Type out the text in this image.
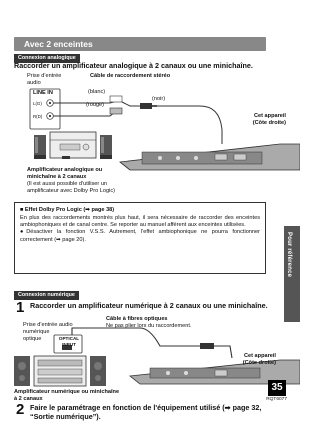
Avec 2 enceintes
Connexion analogique
Raccorder un amplificateur analogique à 2 canaux ou une minichaîne.
Prise d'entrée
audio
Câble de raccordement stéréo
LINE IN
L(G)
R(D)
(blanc)
(rouge)
(noir)
Cet appareil
(Côte droite)
Amplificateur analogique ou
minichaîne à 2 canaux
(Il est aussi possible d'utiliser un
amplificateur avec Dolby Pro Logic)

■ Effet Dolby Pro Logic (➡ page 38)

En plus des raccordements montrés plus haut, il sera nécessaire de raccorder des enceintes ambiophoniques et de canal centre. Se reporter au manuel afférent aux enceintes utilisées.

●Désactiver la fonction V.S.S. Autrement, l'effet ambiophonique ne pourra fonctionner correctement (➡ page 20).	Pour référence
Connexion numérique
1 Raccorder un amplificateur numérique à 2 canaux ou une minichaîne.
Prise d'entrée audio
numérique
optique
Câble à fibres optiques
Ne pas plier lors du raccordement.
OPTICAL
INPUT
Cet appareil
(Côte droite)
Amplificateur numérique ou minichaîne
à 2 canaux
2 Faire le paramétrage en fonction de l'équipement utilisé (➡ page 32, “Sortie numérique”).
35
RQT6077
